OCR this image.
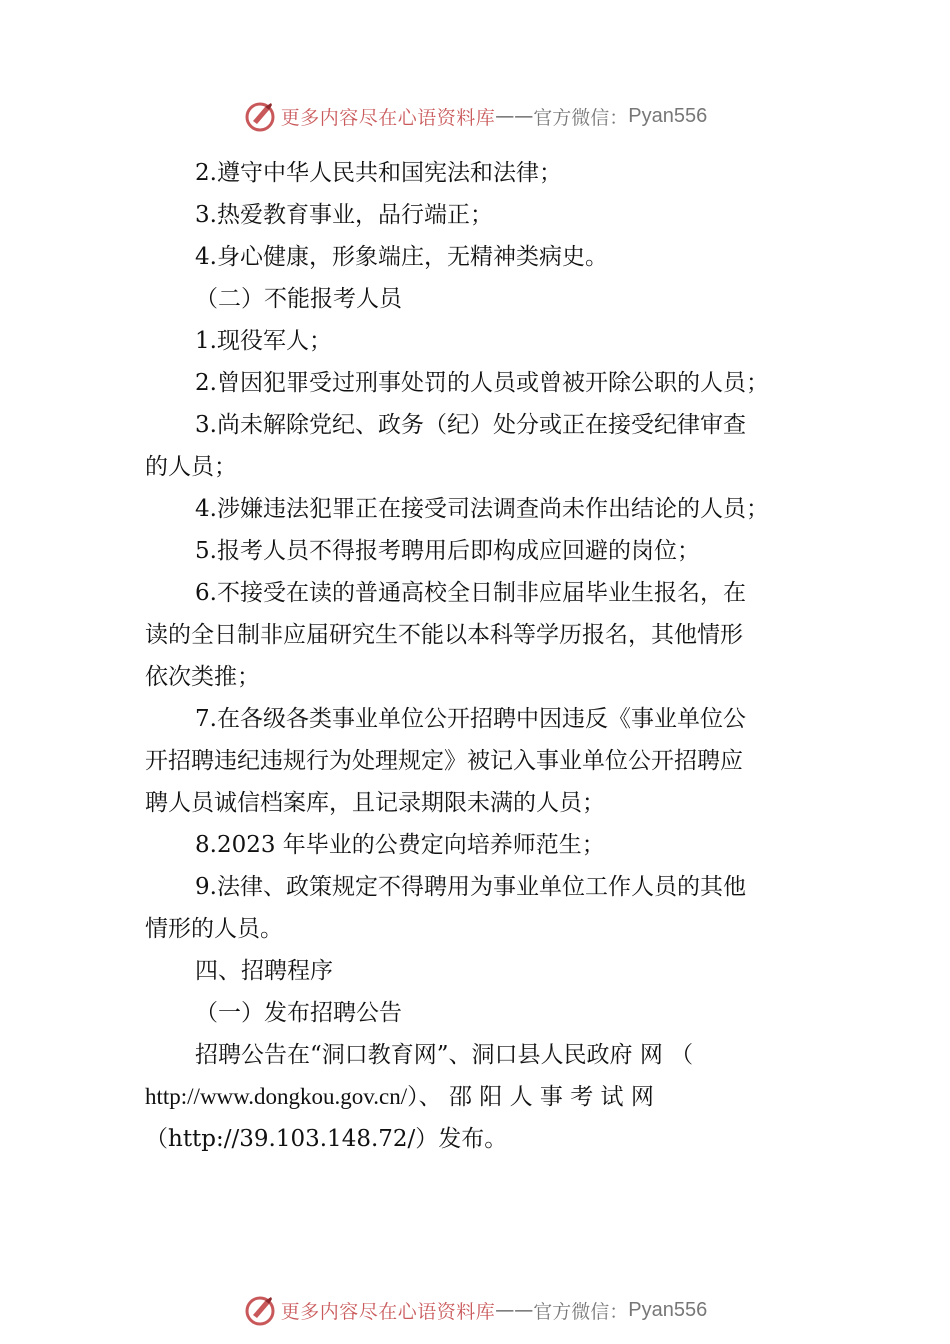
更多内容尽在心语资料库 —— 官方微信： Pyan556

2.遵守中华人民共和国宪法和法律；

3.热爱教育事业，品行端正；

4.身心健康，形象端庄，无精神类病史。

（二）不能报考人员

1.现役军人；

2.曾因犯罪受过刑事处罚的人员或曾被开除公职的人员；

3.尚未解除党纪、政务（纪）处分或正在接受纪律审查

的人员；

4.涉嫌违法犯罪正在接受司法调查尚未作出结论的人员；

5.报考人员不得报考聘用后即构成应回避的岗位；

6.不接受在读的普通高校全日制非应届毕业生报名，在

读的全日制非应届研究生不能以本科等学历报名，其他情形

依次类推；

7.在各级各类事业单位公开招聘中因违反《事业单位公

开招聘违纪违规行为处理规定》被记入事业单位公开招聘应

聘人员诚信档案库，且记录期限未满的人员；

8.2023 年毕业的公费定向培养师范生；

9.法律、政策规定不得聘用为事业单位工作人员的其他

情形的人员。

四、招聘程序

（一）发布招聘公告

招聘公告在“洞口教育网”、洞口县人民政府 网 （

http://www.dongkou.gov.cn/）、 邵 阳 人 事 考 试 网

（http://39.103.148.72/）发布。

更多内容尽在心语资料库 —— 官方微信： Pyan556
